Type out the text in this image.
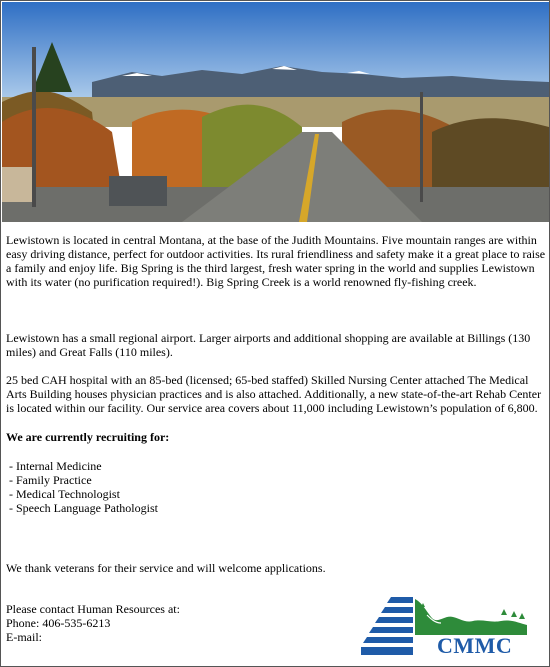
Lewistown is located in central Montana, at the base of the Judith Mountains. Five mountain ranges are within easy driving distance, perfect for outdoor activities. Its rural friendliness and safety make it a great place to raise a family and enjoy life. Big Spring is the third largest, fresh water spring in the world and supplies Lewistown with its water (no purification required!). Big Spring Creek is a world renowned fly-fishing creek.

Lewistown has a small regional airport. Larger airports and additional shopping are available at Billings (130 miles) and Great Falls (110 miles).

25 bed CAH hospital with an 85-bed (licensed; 65-bed staffed) Skilled Nursing Center attached The Medical Arts Building houses physician practices and is also attached. Additionally, a new state-of-the-art Rehab Center is located within our facility. Our service area covers about 11,000 including Lewistown’s population of 6,800.

We are currently recruiting for:

- Internal Medicine
- Family Practice
- Medical Technologist
- Speech Language Pathologist

We thank veterans for their service and will welcome applications.

Please contact Human Resources at:
Phone: 406-535-6213
E-mail:	CMMC
